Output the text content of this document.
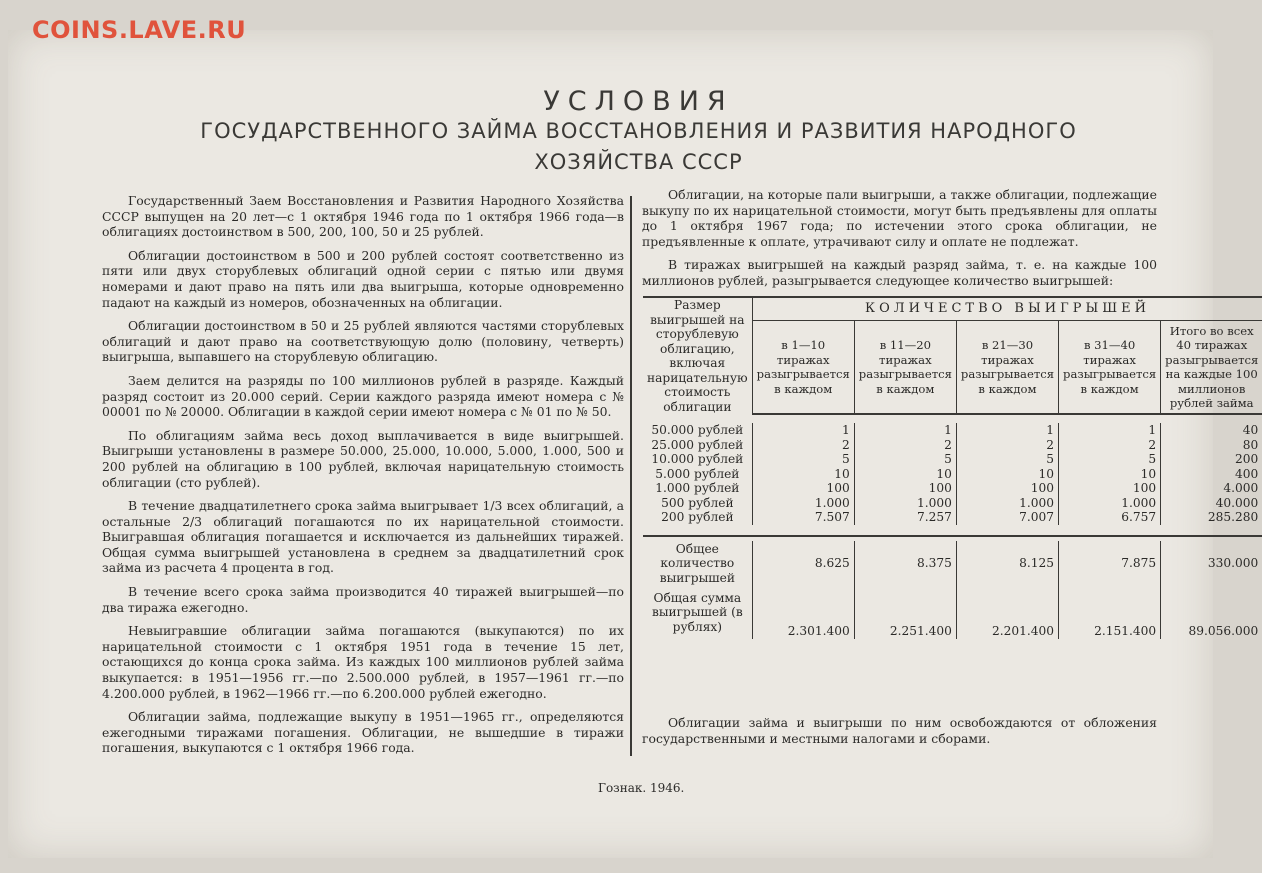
COINS.LAVE.RU
УСЛОВИЯ
ГОСУДАРСТВЕННОГО ЗАЙМА ВОССТАНОВЛЕНИЯ И РАЗВИТИЯ НАРОДНОГО
ХОЗЯЙСТВА СССР

Государственный Заем Восстановления и Развития Народного Хозяйства СССР выпущен на 20 лет—с 1 октября 1946 года по 1 октября 1966 года—в облигациях достоинством в 500, 200, 100, 50 и 25 рублей.

Облигации достоинством в 500 и 200 рублей состоят соответственно из пяти или двух сторублевых облигаций одной серии с пятью или двумя номерами и дают право на пять или два выигрыша, которые одновременно падают на каждый из номеров, обозначенных на облигации.

Облигации достоинством в 50 и 25 рублей являются частями сторублевых облигаций и дают право на соответствующую долю (половину, четверть) выигрыша, выпавшего на сторублевую облигацию.

Заем делится на разряды по 100 миллионов рублей в разряде. Каждый разряд состоит из 20.000 серий. Серии каждого разряда имеют номера с № 00001 по № 20000. Облигации в каждой серии имеют номера с № 01 по № 50.

По облигациям займа весь доход выплачивается в виде выигрышей. Выигрыши установлены в размере 50.000, 25.000, 10.000, 5.000, 1.000, 500 и 200 рублей на облигацию в 100 рублей, включая нарицательную стоимость облигации (сто рублей).

В течение двадцатилетнего срока займа выигрывает 1/3 всех облигаций, а остальные 2/3 облигаций погашаются по их нарицательной стоимости. Выигравшая облигация погашается и исключается из дальнейших тиражей. Общая сумма выигрышей установлена в среднем за двадцатилетний срок займа из расчета 4 процента в год.

В течение всего срока займа производится 40 тиражей выигрышей—по два тиража ежегодно.

Невыигравшие облигации займа погашаются (выкупаются) по их нарицательной стоимости с 1 октября 1951 года в течение 15 лет, остающихся до конца срока займа. Из каждых 100 миллионов рублей займа выкупается: в 1951—1956 гг.—по 2.500.000 рублей, в 1957—1961 гг.—по 4.200.000 рублей, в 1962—1966 гг.—по 6.200.000 рублей ежегодно.

Облигации займа, подлежащие выкупу в 1951—1965 гг., определяются ежегодными тиражами погашения. Облигации, не вышедшие в тиражи погашения, выкупаются с 1 октября 1966 года.

Облигации, на которые пали выигрыши, а также облигации, подлежащие выкупу по их нарицательной стоимости, могут быть предъявлены для оплаты до 1 октября 1967 года; по истечении этого срока облигации, не предъявленные к оплате, утрачивают силу и оплате не подлежат.

В тиражах выигрышей на каждый разряд займа, т. е. на каждые 100 миллионов рублей, разыгрывается следующее количество выигрышей:

Размер выигрышей на сторублевую облигацию, включая нарицательную стоимость облигации	КОЛИЧЕСТВО ВЫИГРЫШЕЙ				
	в 1—10 тиражах разыгрывается в каждом	в 11—20 тиражах разыгрывается в каждом	в 21—30 тиражах разыгрывается в каждом	в 31—40 тиражах разыгрывается в каждом	Итого во всех 40 тиражах разыгрывается на каждые 100 миллионов рублей займа

50.000 рублей	1	1	1	1	40
25.000 рублей	2	2	2	2	80
10.000 рублей	5	5	5	5	200
5.000 рублей	10	10	10	10	400
1.000 рублей	100	100	100	100	4.000
500 рублей	1.000	1.000	1.000	1.000	40.000
200 рублей	7.507	7.257	7.007	6.757	285.280

Общее количество выигрышей	8.625	8.375	8.125	7.875	330.000
Общая сумма выигрышей (в рублях)	2.301.400	2.251.400	2.201.400	2.151.400	89.056.000
Облигации займа и выигрыши по ним освобождаются от обложения государственными и местными налогами и сборами.
Гознак. 1946.
